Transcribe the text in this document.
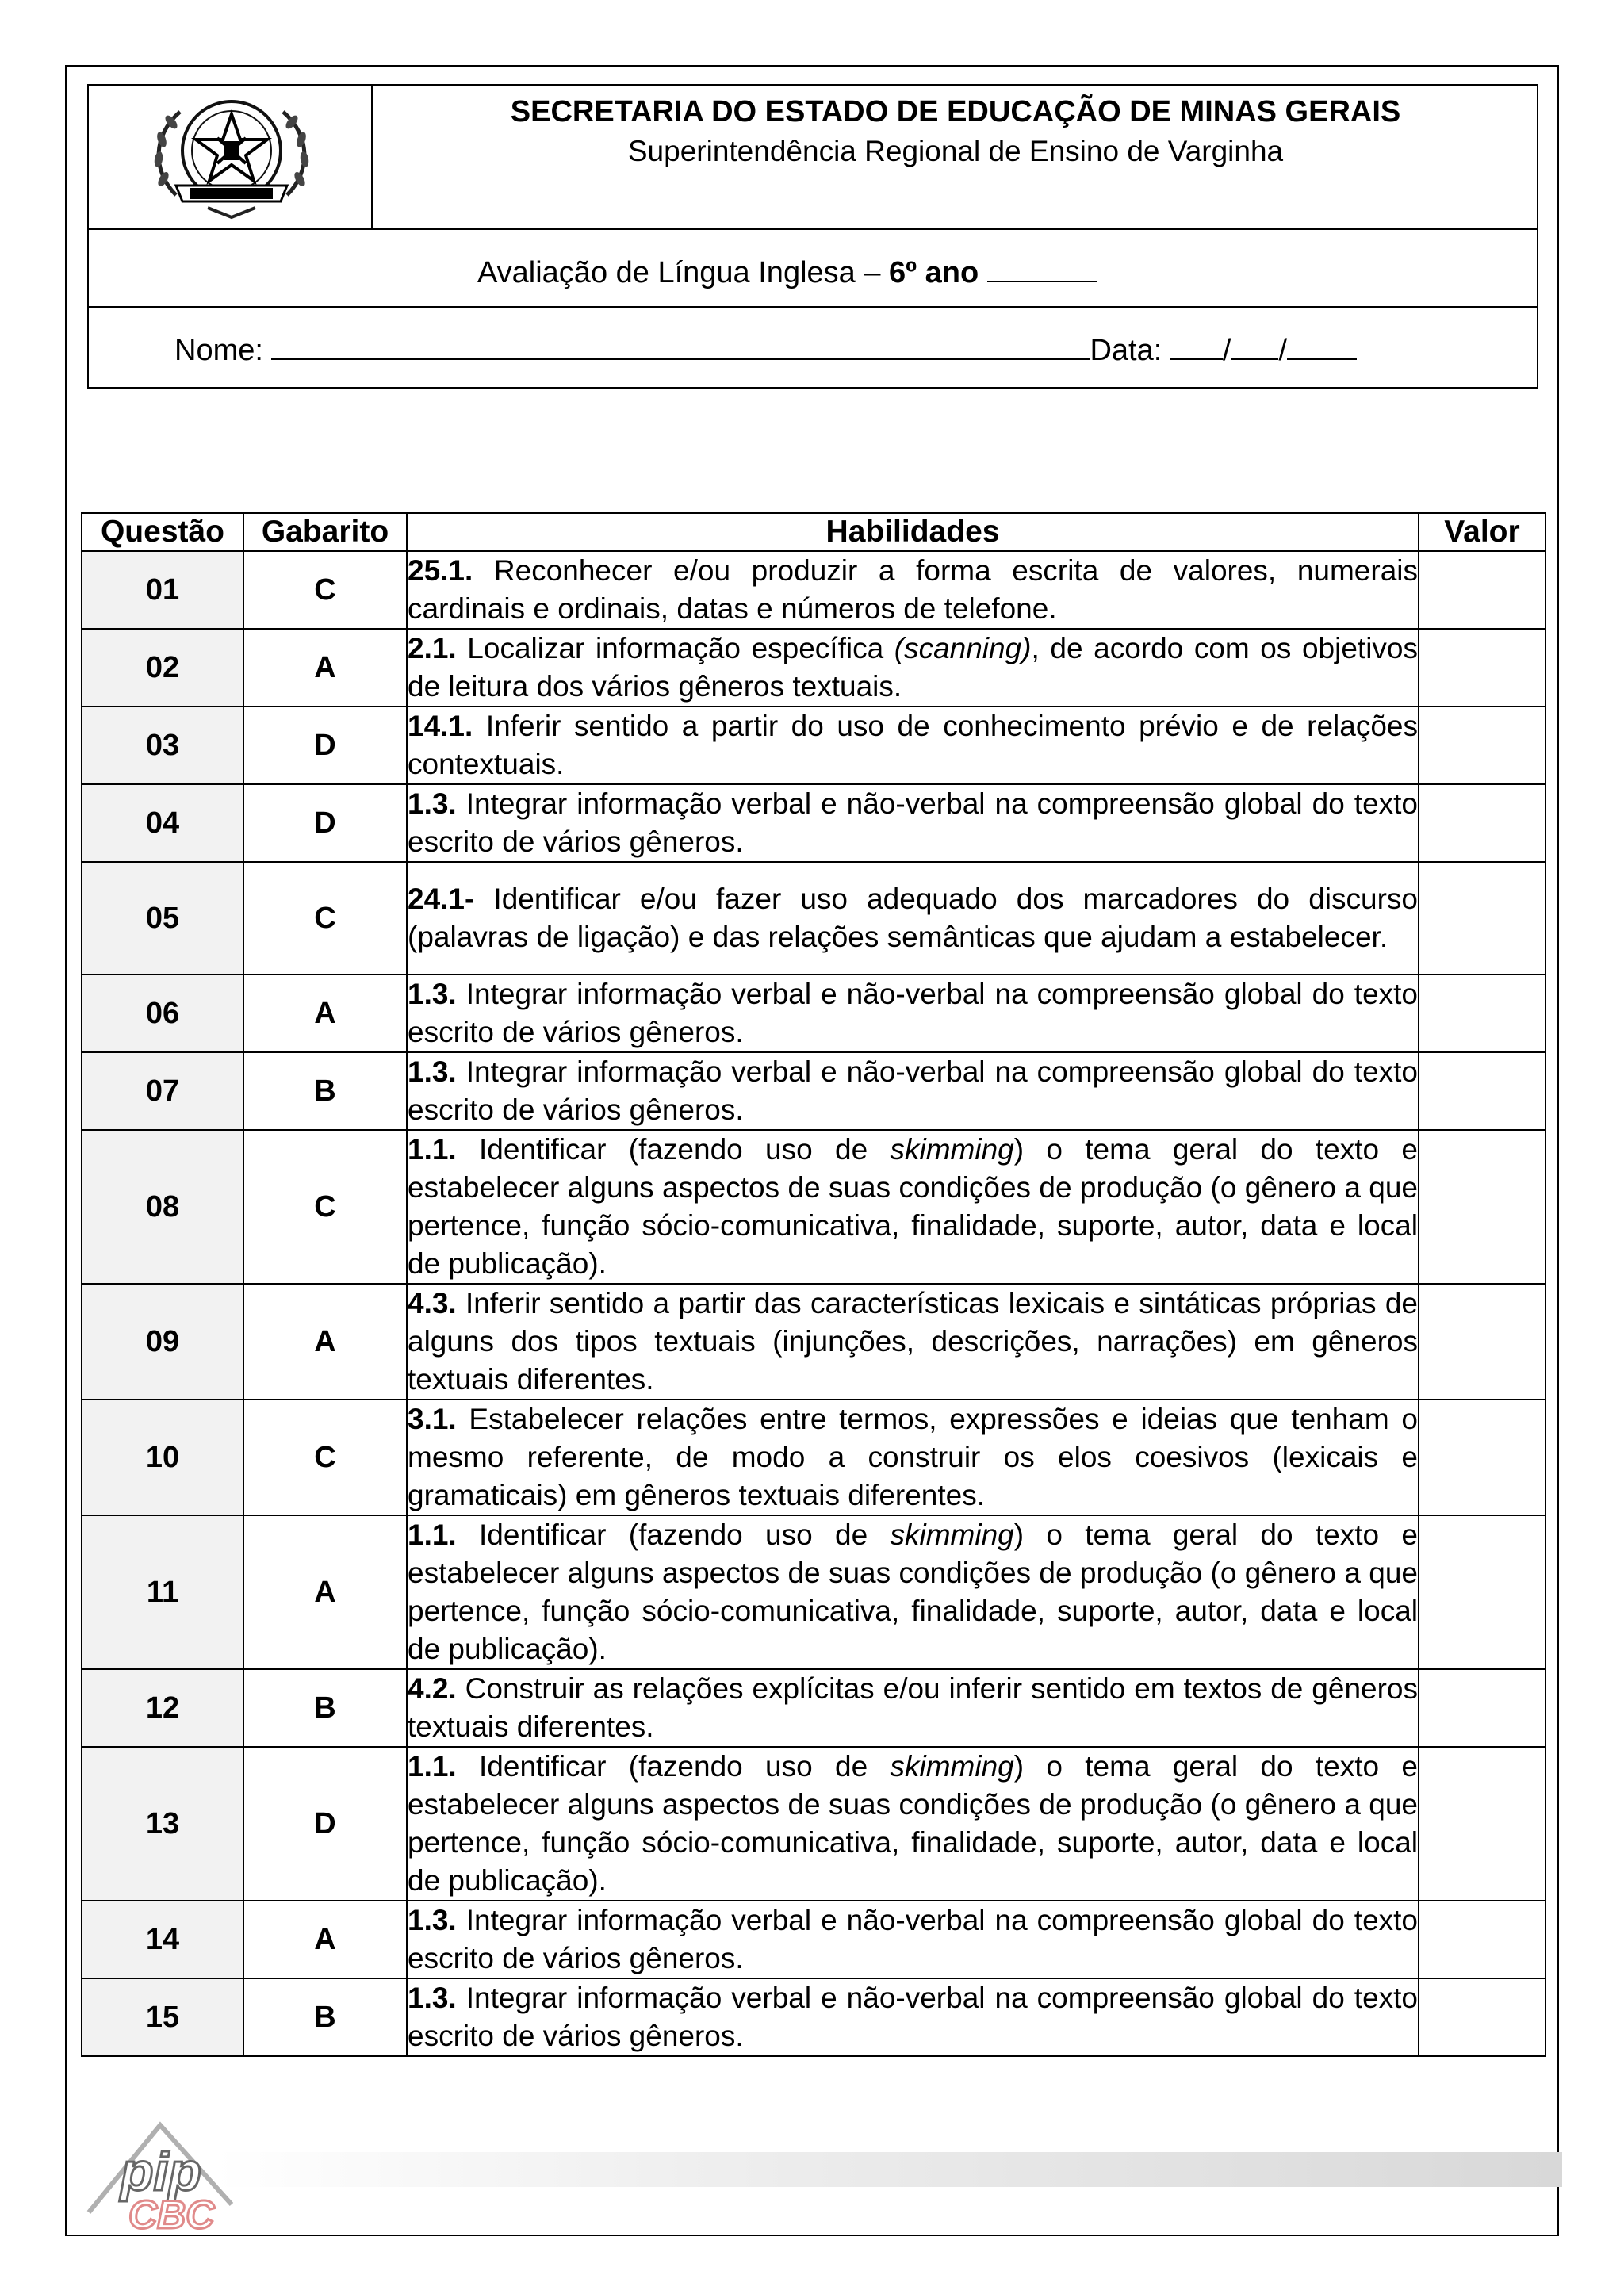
SECRETARIA DO ESTADO DE EDUCAÇÃO DE MINAS GERAIS
Superintendência Regional de Ensino de Varginha
Avaliação de Língua Inglesa – 6º ano
Nome:	Data: / /
Questão	Gabarito	Habilidades	Valor
01	C	25.1. Reconhecer e/ou produzir a forma escrita de valores, numerais cardinais e ordinais, datas e números de telefone.	
02	A	2.1. Localizar informação específica (scanning), de acordo com os objetivos de leitura dos vários gêneros textuais.	
03	D	14.1. Inferir sentido a partir do uso de conhecimento prévio e de relações contextuais.	
04	D	1.3. Integrar informação verbal e não-verbal na compreensão global do texto escrito de vários gêneros.	
05	C	24.1- Identificar e/ou fazer uso adequado dos marcadores do discurso (palavras de ligação) e das relações semânticas que ajudam a estabelecer.	
06	A	1.3. Integrar informação verbal e não-verbal na compreensão global do texto escrito de vários gêneros.	
07	B	1.3. Integrar informação verbal e não-verbal na compreensão global do texto escrito de vários gêneros.	
08	C	1.1. Identificar (fazendo uso de skimming) o tema geral do texto e estabelecer alguns aspectos de suas condições de produção (o gênero a que pertence, função sócio-comunicativa, finalidade, suporte, autor, data e local de publicação).	
09	A	4.3. Inferir sentido a partir das características lexicais e sintáticas próprias de alguns dos tipos textuais (injunções, descrições, narrações) em gêneros textuais diferentes.	
10	C	3.1. Estabelecer relações entre termos, expressões e ideias que tenham o mesmo referente, de modo a construir os elos coesivos (lexicais e gramaticais) em gêneros textuais diferentes.	
11	A	1.1. Identificar (fazendo uso de skimming) o tema geral do texto e estabelecer alguns aspectos de suas condições de produção (o gênero a que pertence, função sócio-comunicativa, finalidade, suporte, autor, data e local de publicação).	
12	B	4.2. Construir as relações explícitas e/ou inferir sentido em textos de gêneros textuais diferentes.	
13	D	1.1. Identificar (fazendo uso de skimming) o tema geral do texto e estabelecer alguns aspectos de suas condições de produção (o gênero a que pertence, função sócio-comunicativa, finalidade, suporte, autor, data e local de publicação).	
14	A	1.3. Integrar informação verbal e não-verbal na compreensão global do texto escrito de vários gêneros.	
15	B	1.3. Integrar informação verbal e não-verbal na compreensão global do texto escrito de vários gêneros.	
pip
CBC
